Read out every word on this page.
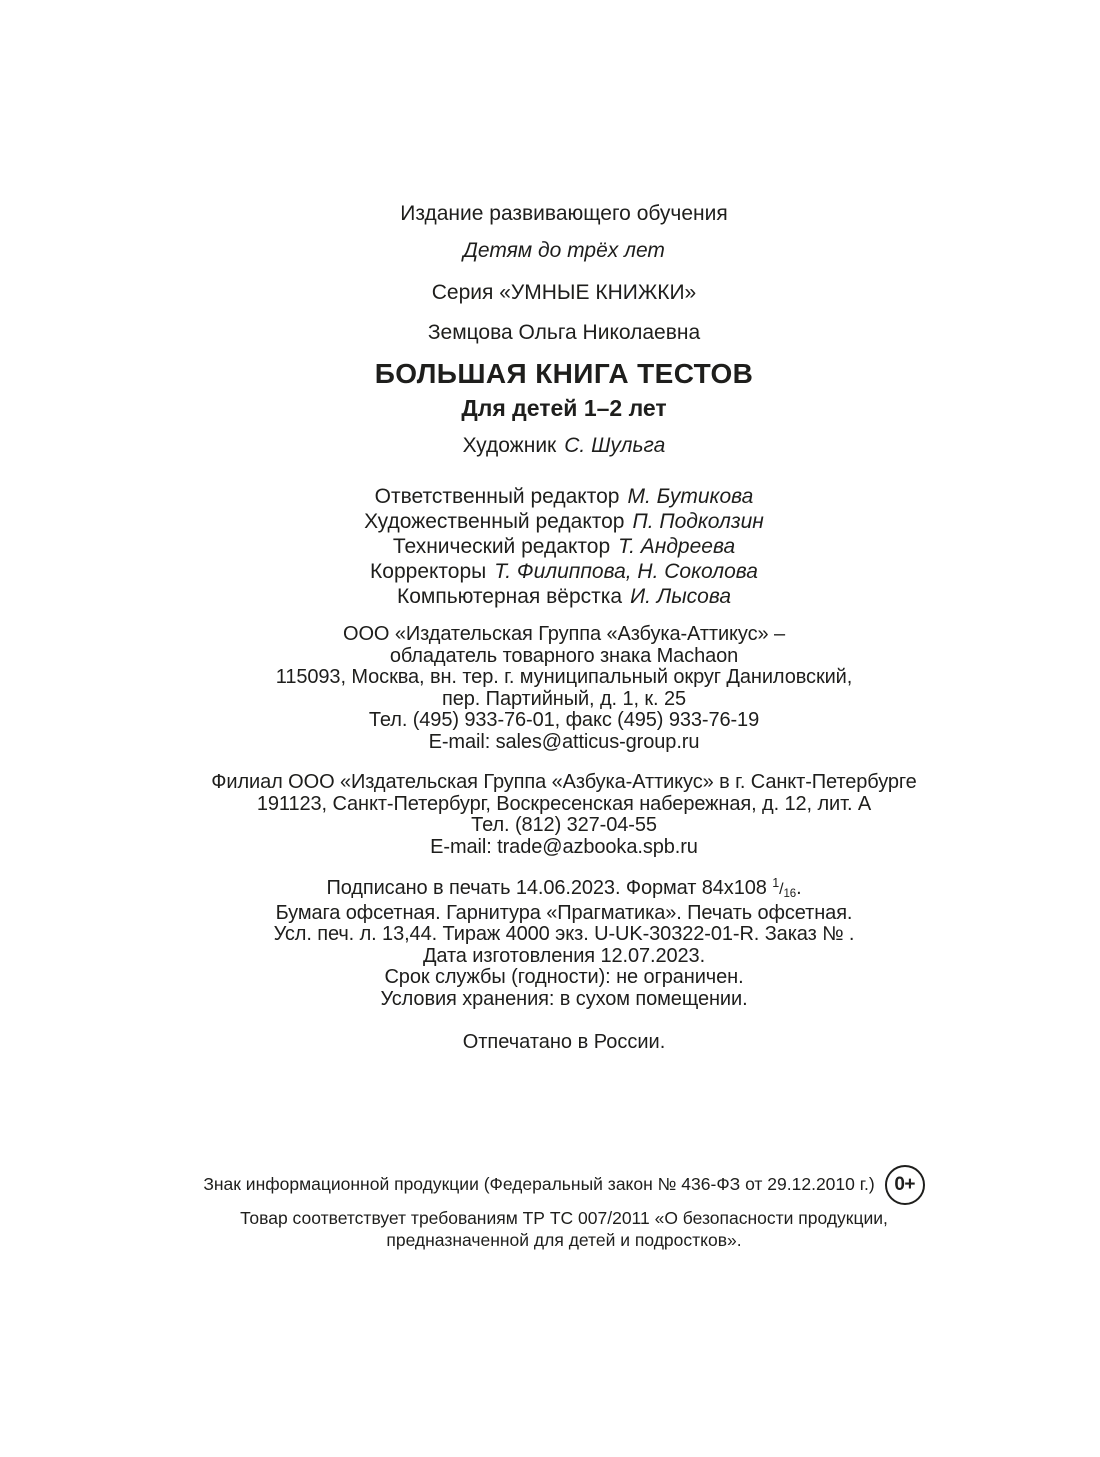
Издание развивающего обучения

Детям до трёх лет

Серия «УМНЫЕ КНИЖКИ»

Земцова Ольга Николаевна

БОЛЬШАЯ КНИГА ТЕСТОВ

Для детей 1–2 лет

Художник С. Шульга

Ответственный редактор М. Бутикова

Художественный редактор П. Подколзин

Технический редактор Т. Андреева

Корректоры Т. Филиппова, Н. Соколова

Компьютерная вёрстка И. Лысова

ООО «Издательская Группа «Азбука-Аттикус» –

обладатель товарного знака Machaon

115093, Москва, вн. тер. г. муниципальный округ Даниловский,

пер. Партийный, д. 1, к. 25

Тел. (495) 933-76-01, факс (495) 933-76-19

E-mail: sales@atticus-group.ru

Филиал ООО «Издательская Группа «Азбука-Аттикус» в г. Санкт-Петербурге

191123, Санкт-Петербург, Воскресенская набережная, д. 12, лит. А

Тел. (812) 327-04-55

E-mail: trade@azbooka.spb.ru

Подписано в печать 14.06.2023. Формат 84х108 $^1$/16.

Бумага офсетная. Гарнитура «Прагматика». Печать офсетная.

Усл. печ. л. 13,44. Тираж 4000 экз. U-UK-30322-01-R. Заказ № .

Дата изготовления 12.07.2023.

Срок службы (годности): не ограничен.

Условия хранения: в сухом помещении.

Отпечатано в России.

Знак информационной продукции (Федеральный закон № 436-ФЗ от 29.12.2010 г.)	0+

Товар соответствует требованиям ТР ТС 007/2011 «О безопасности продукции,

предназначенной для детей и подростков».
